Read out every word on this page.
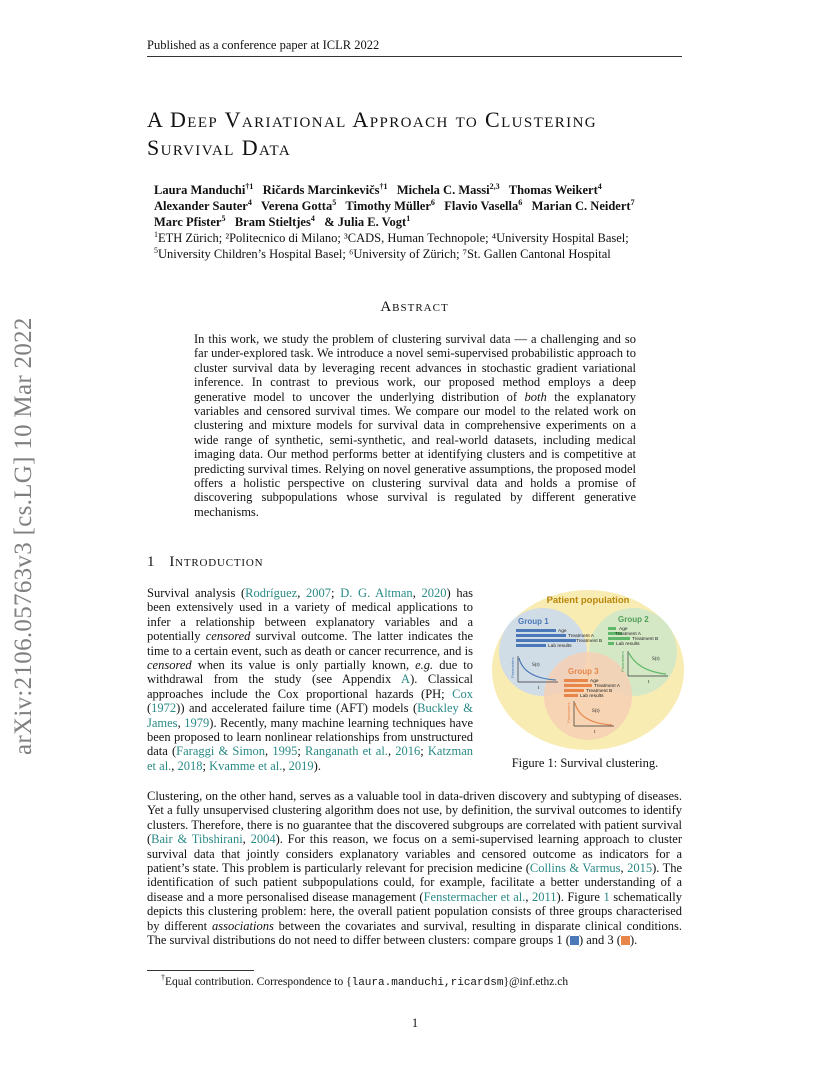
Published as a conference paper at ICLR 2022
arXiv:2106.05763v3 [cs.LG] 10 Mar 2022
A Deep Variational Approach to Clustering
Survival Data
Laura Manduchi$^{\dagger 1}$ Ričards Marcinkevičs$^{\dagger 1}$ Michela C. Massi$^{2,3}$ Thomas Weikert$^4$
Alexander Sauter$^4$ Verena Gotta$^5$ Timothy Müller$^6$ Flavio Vasella$^6$ Marian C. Neidert$^7$
Marc Pfister$^5$ Bram Stieltjes$^4$ & Julia E. Vogt$^1$
$^1$ETH Zürich; ²Politecnico di Milano; ³CADS, Human Technopole; ⁴University Hospital Basel;
$^5$University Children’s Hospital Basel; ⁶University of Zürich; ⁷St. Gallen Cantonal Hospital
Abstract
In this work, we study the problem of clustering survival data — a challenging and so far under-explored task. We introduce a novel semi-supervised probabilistic approach to cluster survival data by leveraging recent advances in stochastic gradient variational inference. In contrast to previous work, our proposed method employs a deep generative model to uncover the underlying distribution of both the explanatory variables and censored survival times. We compare our model to the related work on clustering and mixture models for survival data in comprehensive experiments on a wide range of synthetic, semi-synthetic, and real-world datasets, including medical imaging data. Our method performs better at identifying clusters and is competitive at predicting survival times. Relying on novel generative assumptions, the proposed model offers a holistic perspective on clustering survival data and holds a promise of discovering subpopulations whose survival is regulated by different generative mechanisms.
1 Introduction
Survival analysis (Rodríguez, 2007; D. G. Altman, 2020) has been extensively used in a variety of medical applications to infer a relationship between explanatory variables and a potentially censored survival outcome. The latter indicates the time to a certain event, such as death or cancer recurrence, and is censored when its value is only partially known, e.g. due to withdrawal from the study (see Appendix A). Classical approaches include the Cox proportional hazards (PH; Cox (1972)) and accelerated failure time (AFT) models (Buckley & James, 1979). Recently, many machine learning techniques have been proposed to learn nonlinear relationships from unstructured data (Faraggi & Simon, 1995; Ranganath et al., 2016; Katzman et al., 2018; Kvamme et al., 2019).
Patient population
Group 1	Group 2
Group 3
Age
Treatment A
Treatment B
Lab results
Age
Treatment A
Treatment B
Lab results
Age
Treatment A
Treatment B
Lab results
S(t)
t
Parameters	S(t)
t
Parameters
S(t)
t
Parameters
Figure 1: Survival clustering.
Clustering, on the other hand, serves as a valuable tool in data-driven discovery and subtyping of diseases. Yet a fully unsupervised clustering algorithm does not use, by definition, the survival outcomes to identify clusters. Therefore, there is no guarantee that the discovered subgroups are correlated with patient survival (Bair & Tibshirani, 2004). For this reason, we focus on a semi-supervised learning approach to cluster survival data that jointly considers explanatory variables and censored outcome as indicators for a patient’s state. This problem is particularly relevant for precision medicine (Collins & Varmus, 2015). The identification of such patient subpopulations could, for example, facilitate a better understanding of a disease and a more personalised disease management (Fenstermacher et al., 2011). Figure 1 schematically depicts this clustering problem: here, the overall patient population consists of three groups characterised by different associations between the covariates and survival, resulting in disparate clinical conditions. The survival distributions do not need to differ between clusters: compare groups 1 ( ) and 3 ( ).
†Equal contribution. Correspondence to {laura.manduchi,ricardsm}@inf.ethz.ch
1
